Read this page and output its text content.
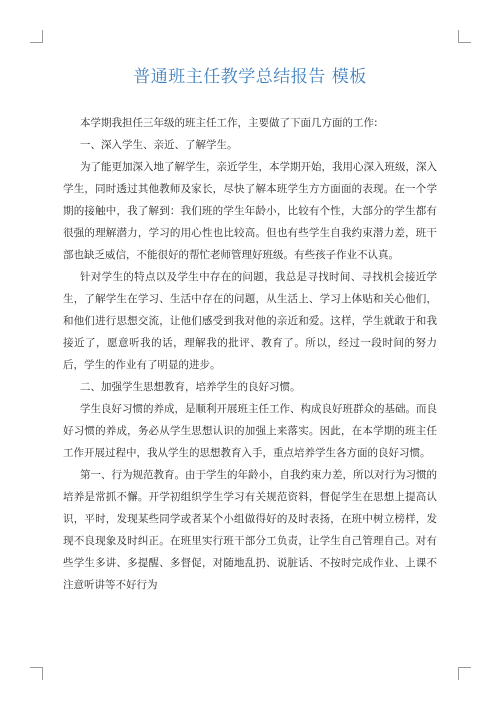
普通班主任教学总结报告 模板

本学期我担任三年级的班主任工作，主要做了下面几方面的工作:

一、深入学生、亲近、了解学生。

为了能更加深入地了解学生，亲近学生，本学期开始，我用心深入班级，深入学生，同时透过其他教师及家长，尽快了解本班学生方方面面的表现。在一个学期的接触中，我了解到：我们班的学生年龄小，比较有个性，大部分的学生都有很强的理解潜力，学习的用心性也比较高。但也有些学生自我约束潜力差，班干部也缺乏威信，不能很好的帮忙老师管理好班级。有些孩子作业不认真。

针对学生的特点以及学生中存在的问题，我总是寻找时间、寻找机会接近学生，了解学生在学习、生活中存在的问题，从生活上、学习上体贴和关心他们，和他们进行思想交流，让他们感受到我对他的亲近和爱。这样，学生就敢于和我接近了，愿意听我的话，理解我的批评、教育了。所以，经过一段时间的努力后，学生的作业有了明显的进步。

二、加强学生思想教育，培养学生的良好习惯。

学生良好习惯的养成，是顺利开展班主任工作、构成良好班群众的基础。而良好习惯的养成，务必从学生思想认识的加强上来落实。因此，在本学期的班主任工作开展过程中，我从学生的思想教育入手，重点培养学生各方面的良好习惯。

第一、行为规范教育。由于学生的年龄小，自我约束力差，所以对行为习惯的培养是常抓不懈。开学初组织学生学习有关规范资料，督促学生在思想上提高认识，平时，发现某些同学或者某个小组做得好的及时表扬，在班中树立榜样，发现不良现象及时纠正。在班里实行班干部分工负责，让学生自己管理自己。对有些学生多讲、多提醒、多督促，对随地乱扔、说脏话、不按时完成作业、上课不注意听讲等不好行为
